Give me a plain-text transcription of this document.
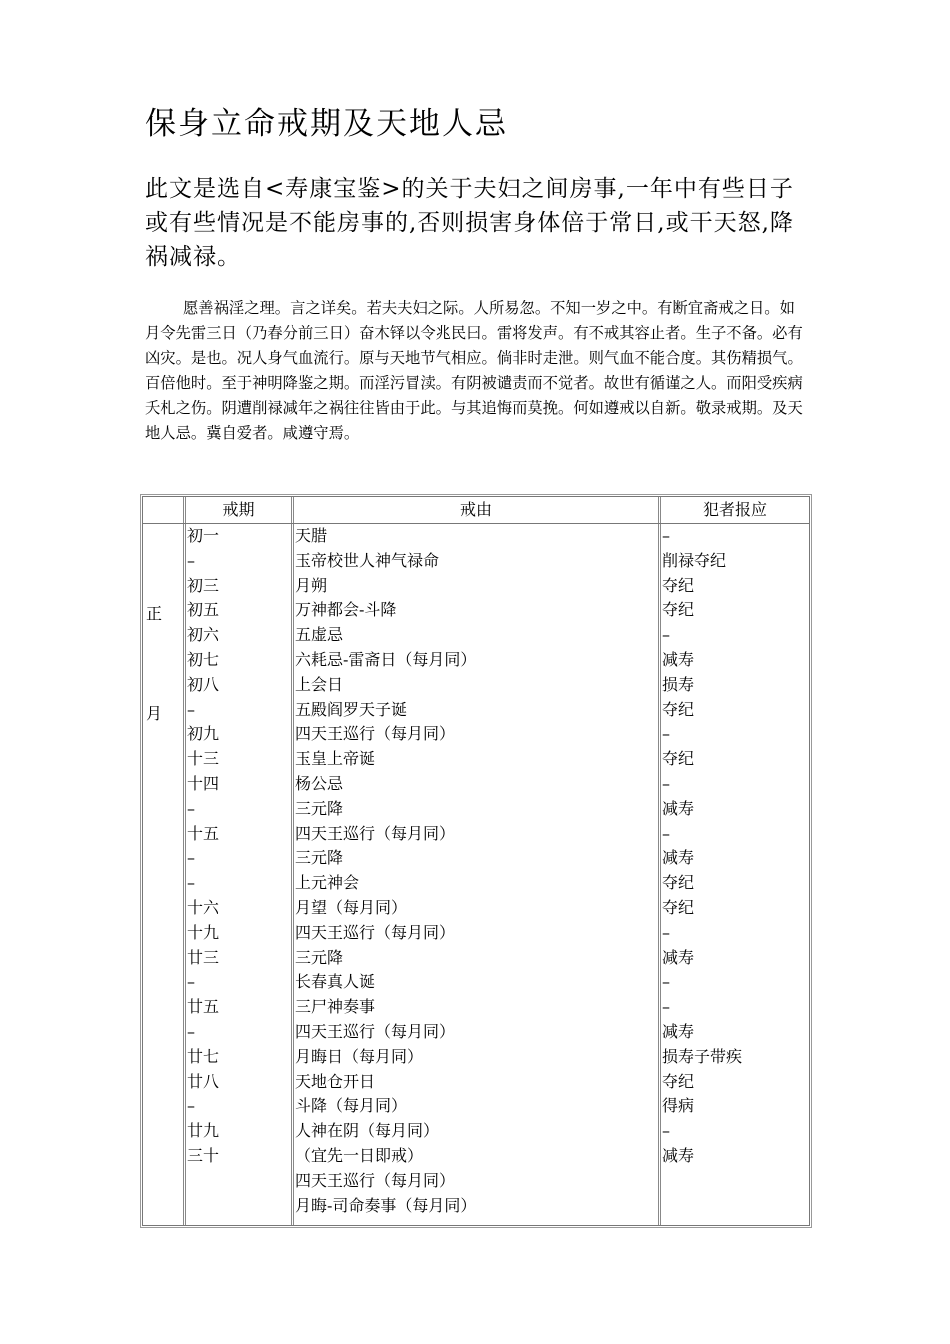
保身立命戒期及天地人忌
此文是选自<寿康宝鉴>的关于夫妇之间房事,一年中有些日子或有些情况是不能房事的,否则损害身体倍于常日,或干天怒,降祸减禄。
愿善祸淫之理。言之详矣。若夫夫妇之际。人所易忽。不知一岁之中。有断宜斋戒之日。如月令先雷三日（乃春分前三日）奋木铎以令兆民曰。雷将发声。有不戒其容止者。生子不备。必有凶灾。是也。况人身气血流行。原与天地节气相应。倘非时走泄。则气血不能合度。其伤精损气。百倍他时。至于神明降鉴之期。而淫污冒渎。有阴被谴责而不觉者。故世有循谨之人。而阳受疾病夭札之伤。阴遭削禄减年之祸往往皆由于此。与其追悔而莫挽。何如遵戒以自新。敬录戒期。及天地人忌。冀自爱者。咸遵守焉。
戒期	戒由	犯者报应
正
月
初一
–
初三
初五
初六
初七
初八
–
初九
十三
十四
–
十五
–
–
十六
十九
廿三
–
廿五
–
廿七
廿八
–
廿九
三十
天腊
玉帝校世人神气禄命
月朔
万神都会-斗降
五虚忌
六耗忌-雷斋日（每月同）
上会日
五殿阎罗天子诞
四天王巡行（每月同）
玉皇上帝诞
杨公忌
三元降
四天王巡行（每月同）
三元降
上元神会
月望（每月同）
四天王巡行（每月同）
三元降
长春真人诞
三尸神奏事
四天王巡行（每月同）
月晦日（每月同）
天地仓开日
斗降（每月同）
人神在阴（每月同）
（宜先一日即戒）
四天王巡行（每月同）
月晦-司命奏事（每月同）
–
削禄夺纪
夺纪
夺纪
–
减寿
损寿
夺纪
–
夺纪
–
减寿
–
减寿
夺纪
夺纪
–
减寿
–
–
减寿
损寿子带疾
夺纪
得病
–
减寿
